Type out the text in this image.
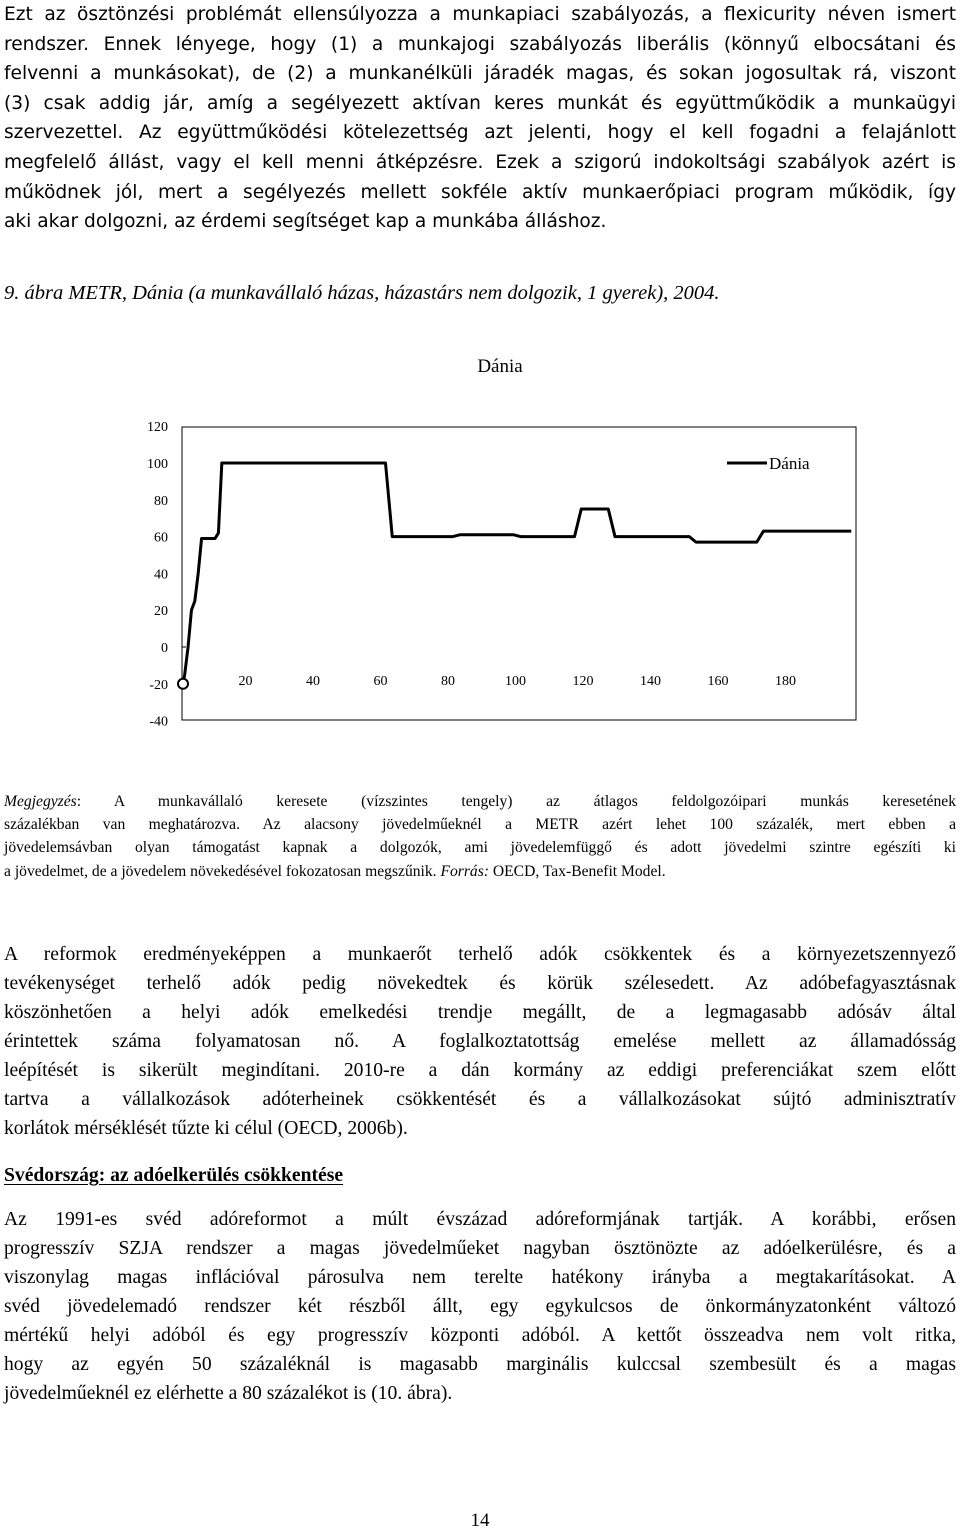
Ezt az ösztönzési problémát ellensúlyozza a munkapiaci szabályozás, a flexicurity néven ismert
rendszer. Ennek lényege, hogy (1) a munkajogi szabályozás liberális (könnyű elbocsátani és
felvenni a munkásokat), de (2) a munkanélküli járadék magas, és sokan jogosultak rá, viszont
(3) csak addig jár, amíg a segélyezett aktívan keres munkát és együttműködik a munkaügyi
szervezettel. Az együttműködési kötelezettség azt jelenti, hogy el kell fogadni a felajánlott
megfelelő állást, vagy el kell menni átképzésre. Ezek a szigorú indokoltsági szabályok azért is
működnek jól, mert a segélyezés mellett sokféle aktív munkaerőpiaci program működik, így
aki akar dolgozni, az érdemi segítséget kap a munkába álláshoz.

9. ábra METR, Dánia (a munkavállaló házas, házastárs nem dolgozik, 1 gyerek), 2004.

Dánia

120
100
80
60
40
20
0
-20
-40
20	40	60	80	100	120	140	160	180
Dánia
Megjegyzés: A munkavállaló keresete (vízszintes tengely) az átlagos feldolgozóipari munkás keresetének
százalékban van meghatározva. Az alacsony jövedelműeknél a METR azért lehet 100 százalék, mert ebben a
jövedelemsávban olyan támogatást kapnak a dolgozók, ami jövedelemfüggő és adott jövedelmi szintre egészíti ki
a jövedelmet, de a jövedelem növekedésével fokozatosan megszűnik. Forrás: OECD, Tax-Benefit Model.
A reformok eredményeképpen a munkaerőt terhelő adók csökkentek és a környezetszennyező
tevékenységet terhelő adók pedig növekedtek és körük szélesedett. Az adóbefagyasztásnak
köszönhetően a helyi adók emelkedési trendje megállt, de a legmagasabb adósáv által
érintettek száma folyamatosan nő. A foglalkoztatottság emelése mellett az államadósság
leépítését is sikerült megindítani. 2010-re a dán kormány az eddigi preferenciákat szem előtt
tartva a vállalkozások adóterheinek csökkentését és a vállalkozásokat sújtó adminisztratív
korlátok mérséklését tűzte ki célul (OECD, 2006b).

Svédország: az adóelkerülés csökkentése

Az 1991-es svéd adóreformot a múlt évszázad adóreformjának tartják. A korábbi, erősen
progresszív SZJA rendszer a magas jövedelműeket nagyban ösztönözte az adóelkerülésre, és a
viszonylag magas inflációval párosulva nem terelte hatékony irányba a megtakarításokat. A
svéd jövedelemadó rendszer két részből állt, egy egykulcsos de önkormányzatonként változó
mértékű helyi adóból és egy progresszív központi adóból. A kettőt összeadva nem volt ritka,
hogy az egyén 50 százaléknál is magasabb marginális kulccsal szembesült és a magas
jövedelműeknél ez elérhette a 80 százalékot is (10. ábra).

14
